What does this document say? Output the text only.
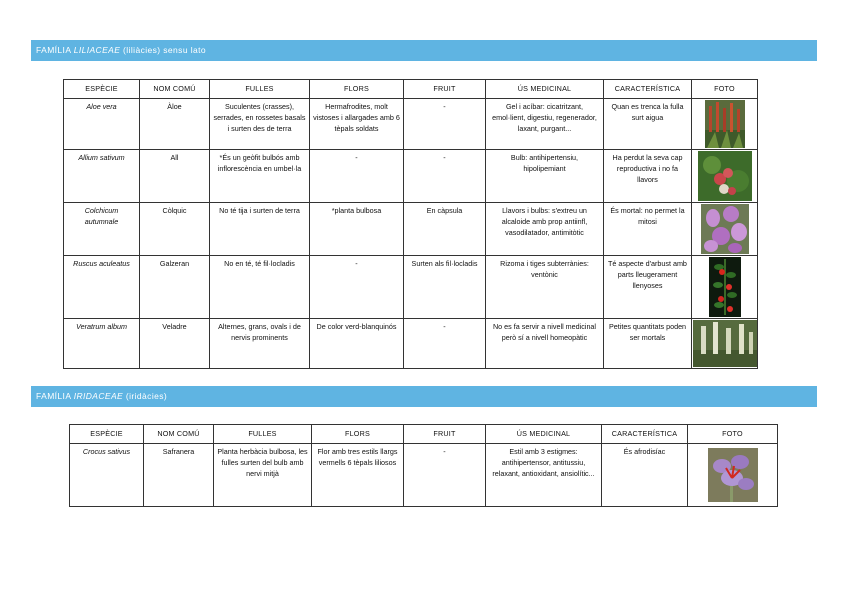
FAMÍLIA LILIACEAE (liliàcies) sensu lato
ESPÈCIE	NOM COMÚ	FULLES	FLORS	FRUIT	ÚS MEDICINAL	CARACTERÍSTICA	FOTO
Aloe vera	Àloe	Suculentes (crasses), serrades, en rossetes basals i surten des de terra	Hermafrodites, molt vistoses i allargades amb 6 tèpals soldats	-	Gel i acíbar: cicatritzant, emol·lient, digestiu, regenerador, laxant, purgant...	Quan es trenca la fulla surt aigua	

Allium sativum	All	*És un geòfit bulbós amb inflorescència en umbel·la	-	-	Bulb: antihipertensiu, hipolipemiant	Ha perdut la seva cap reproductiva i no fa llavors	

Colchicum autumnale	Còlquic	No té tija i surten de terra	*planta bulbosa	En càpsula	Llavors i bulbs: s'extreu un alcaloide amb prop antiinfl, vasodilatador, antimitòtic	És mortal: no permet la mitosi	

Ruscus aculeatus	Galzeran	No en té, té fil·locladis	-	Surten als fil·locladis	Rizoma i tiges subterrànies: ventònic	Té aspecte d'arbust amb parts lleugerament llenyoses	

Veratrum album	Veladre	Alternes, grans, ovals i de nervis prominents	De color verd-blanquinós	-	No es fa servir a nivell medicinal però sí a nivell homeopàtic	Petites quantitats poden ser mortals	
FAMÍLIA IRIDACEAE (iridàcies)
ESPÈCIE	NOM COMÚ	FULLES	FLORS	FRUIT	ÚS MEDICINAL	CARACTERÍSTICA	FOTO
Crocus sativus	Safranera	Planta herbàcia bulbosa, les fulles surten del bulb amb nervi mitjà	Flor amb tres estils llargs vermells 6 tèpals liliosos	-	Estil amb 3 estigmes: antihipertensor, antitussiu, relaxant, antioxidant, ansiolític...	És afrodisíac	
